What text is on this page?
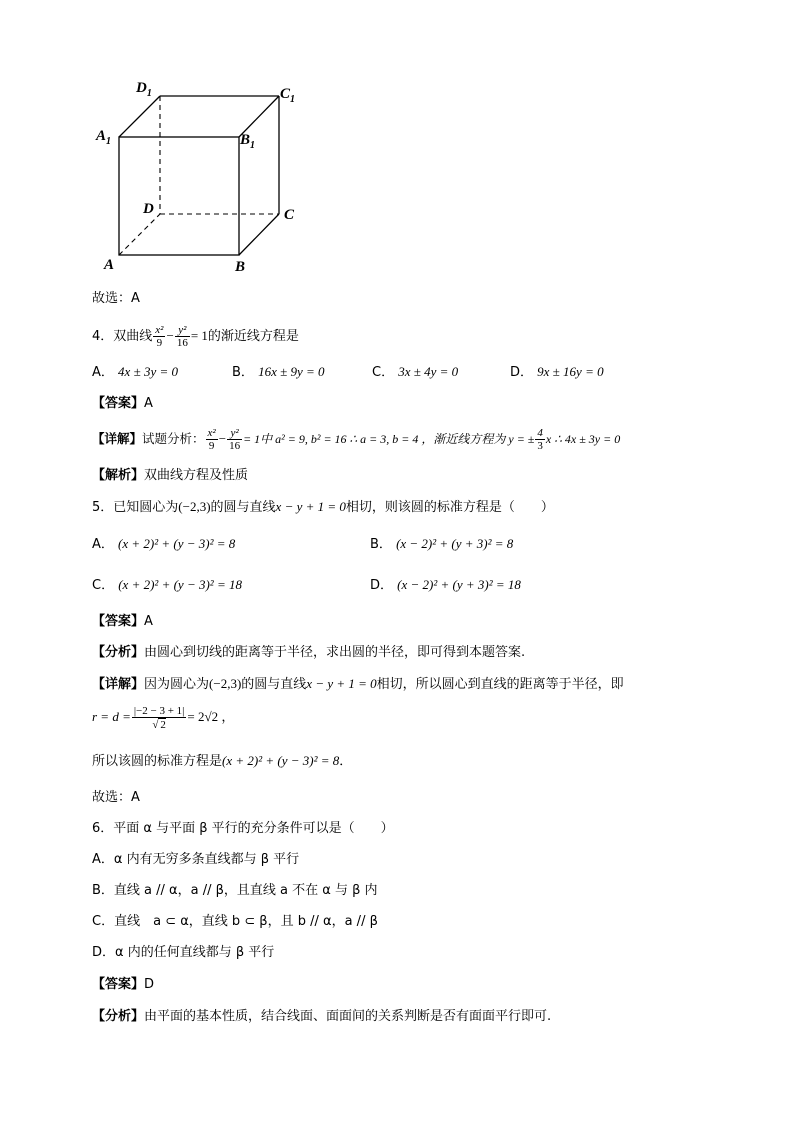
$D_1$	$C_1$
$A_1$	$B_1$
D	C
A	B
故选：A
4．双曲线 $\frac{\text{x²}}{9} - \frac{\text{y²}}{16} = 1$的渐近线方程是
A． 4x ± 3y = 0	B． 16x ± 9y = 0	C． 3x ± 4y = 0	D． 9x ± 16y = 0
【答案】A
【详解】试题分析： $\frac{\text{x²}}{9} - \frac{\text{y²}}{16} = 1$中 a² = 9, b² = 16 ∴ a = 3, b = 4 ，渐近线方程为 y = ± $\frac{4}{3}$ x ∴ 4x ± 3y = 0
【解析】双曲线方程及性质
5．已知圆心为(−2,3)的圆与直线x − y + 1 = 0相切，则该圆的标准方程是（　　）
A． (x + 2)² + (y − 3)² = 8	B． (x − 2)² + (y + 3)² = 8
C． (x + 2)² + (y − 3)² = 18	D． (x − 2)² + (y + 3)² = 18
【答案】A
【分析】由圆心到切线的距离等于半径，求出圆的半径，即可得到本题答案.
【详解】因为圆心为(−2,3)的圆与直线x − y + 1 = 0相切，所以圆心到直线的距离等于半径，即
$r = d = \frac{|-2 - 3 + 1|}{√ 2} = 2√2$ ，
所以该圆的标准方程是(x + 2)² + (y − 3)² = 8．
故选：A
6．平面 α 与平面 β 平行的充分条件可以是（　　）
A．α 内有无穷多条直线都与 β 平行
B．直线 a // α，a // β，且直线 a 不在 α 与 β 内
C．直线　a ⊂ α，直线 b ⊂ β，且 b // α，a // β
D．α 内的任何直线都与 β 平行
【答案】D
【分析】由平面的基本性质，结合线面、面面间的关系判断是否有面面平行即可.
